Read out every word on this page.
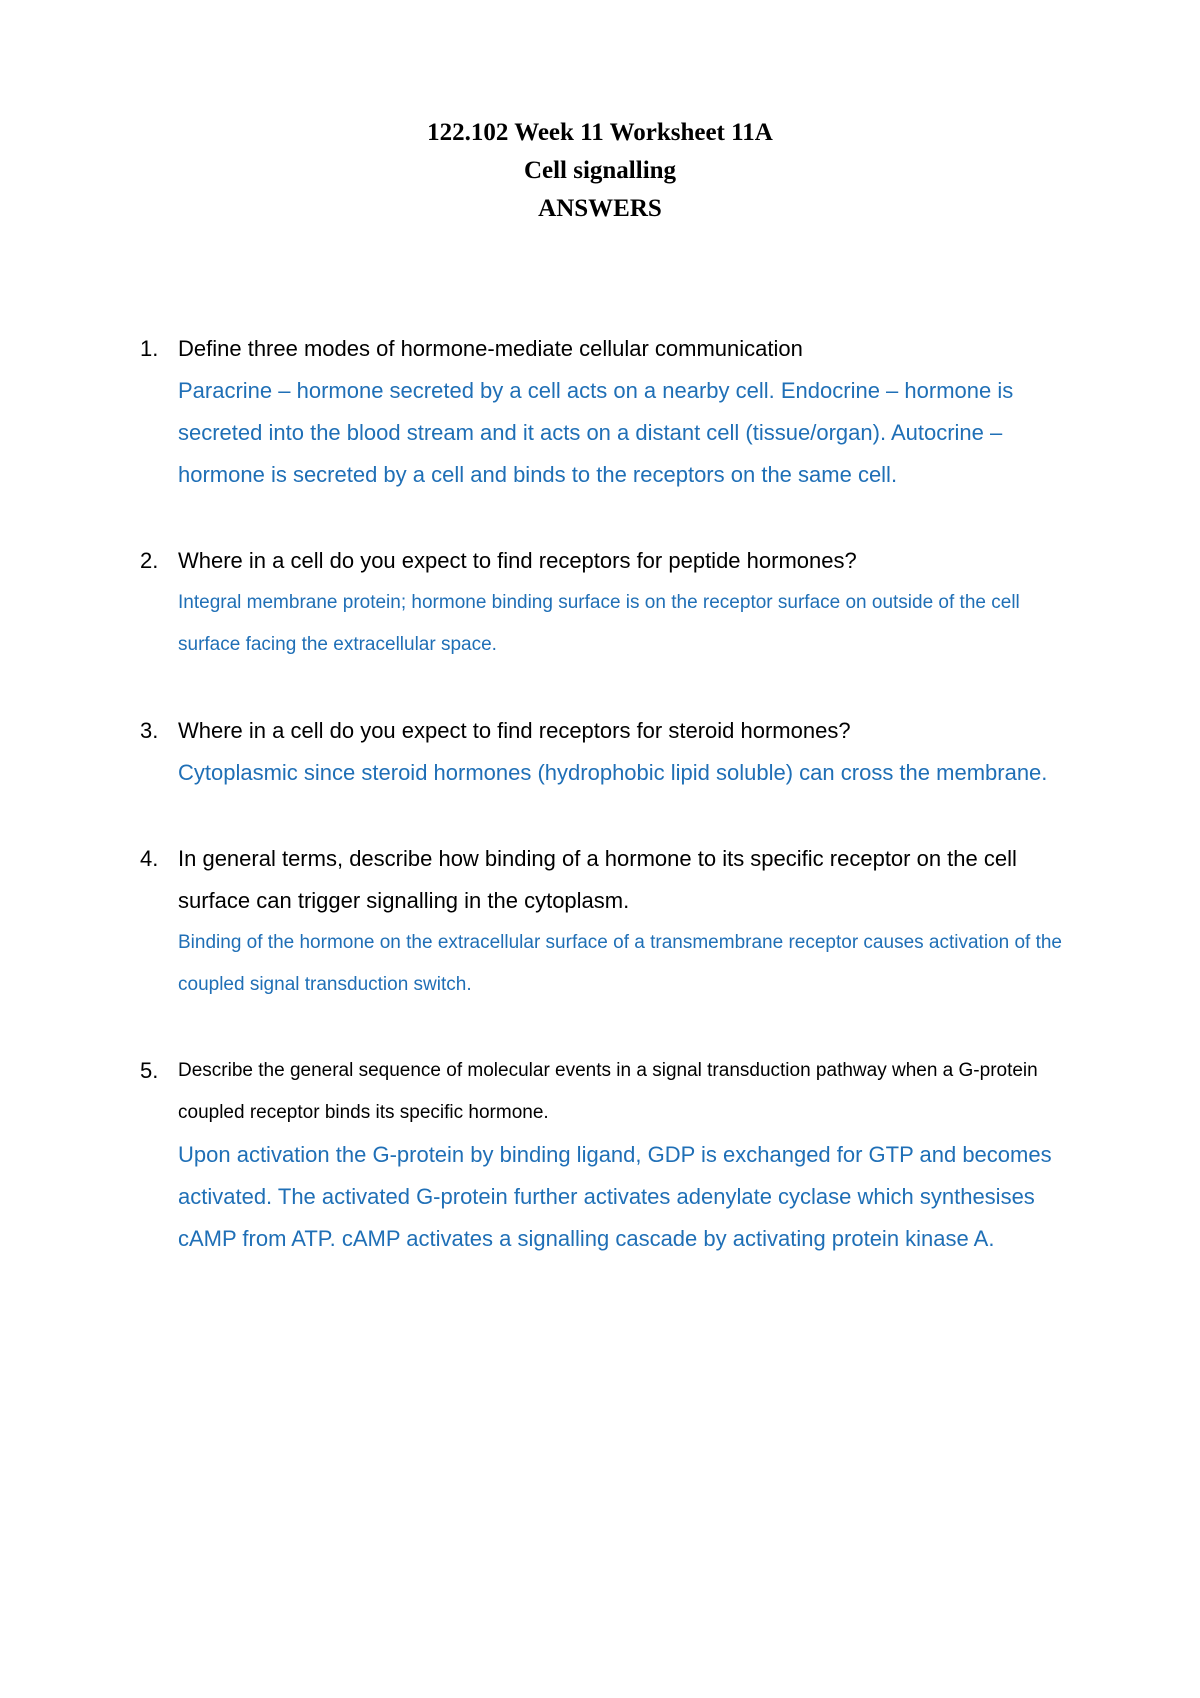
122.102 Week 11 Worksheet 11A
Cell signalling
ANSWERS
1. Define three modes of hormone-mediate cellular communication
Paracrine – hormone secreted by a cell acts on a nearby cell. Endocrine – hormone is secreted into the blood stream and it acts on a distant cell (tissue/organ). Autocrine – hormone is secreted by a cell and binds to the receptors on the same cell.
2. Where in a cell do you expect to find receptors for peptide hormones?
Integral membrane protein; hormone binding surface is on the receptor surface on outside of the cell surface facing the extracellular space.
3. Where in a cell do you expect to find receptors for steroid hormones?
Cytoplasmic since steroid hormones (hydrophobic lipid soluble) can cross the membrane.
4. In general terms, describe how binding of a hormone to its specific receptor on the cell surface can trigger signalling in the cytoplasm.
Binding of the hormone on the extracellular surface of a transmembrane receptor causes activation of the coupled signal transduction switch.
5. Describe the general sequence of molecular events in a signal transduction pathway when a G-protein coupled receptor binds its specific hormone.
Upon activation the G-protein by binding ligand, GDP is exchanged for GTP and becomes activated. The activated G-protein further activates adenylate cyclase which synthesises cAMP from ATP. cAMP activates a signalling cascade by activating protein kinase A.
